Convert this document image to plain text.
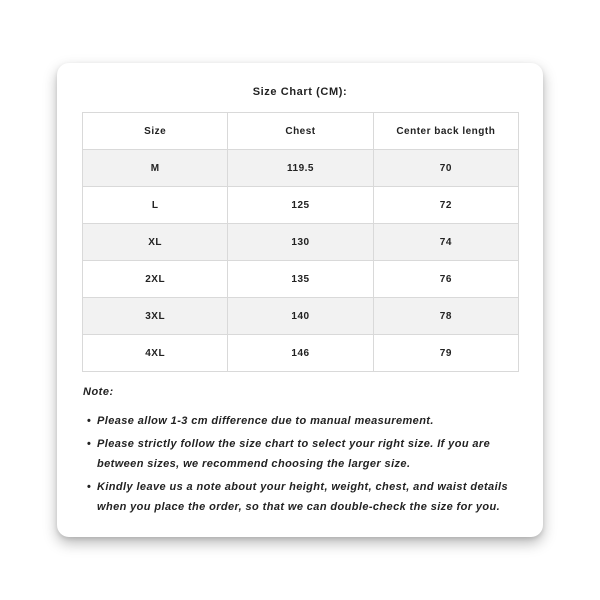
Size Chart (CM):
Size	Chest	Center back length
M	119.5	70
L	125	72
XL	130	74
2XL	135	76
3XL	140	78
4XL	146	79
Note:
• Please allow 1-3 cm difference due to manual measurement.
• Please strictly follow the size chart to select your right size. If you are between sizes, we recommend choosing the larger size.
• Kindly leave us a note about your height, weight, chest, and waist details when you place the order, so that we can double-check the size for you.
